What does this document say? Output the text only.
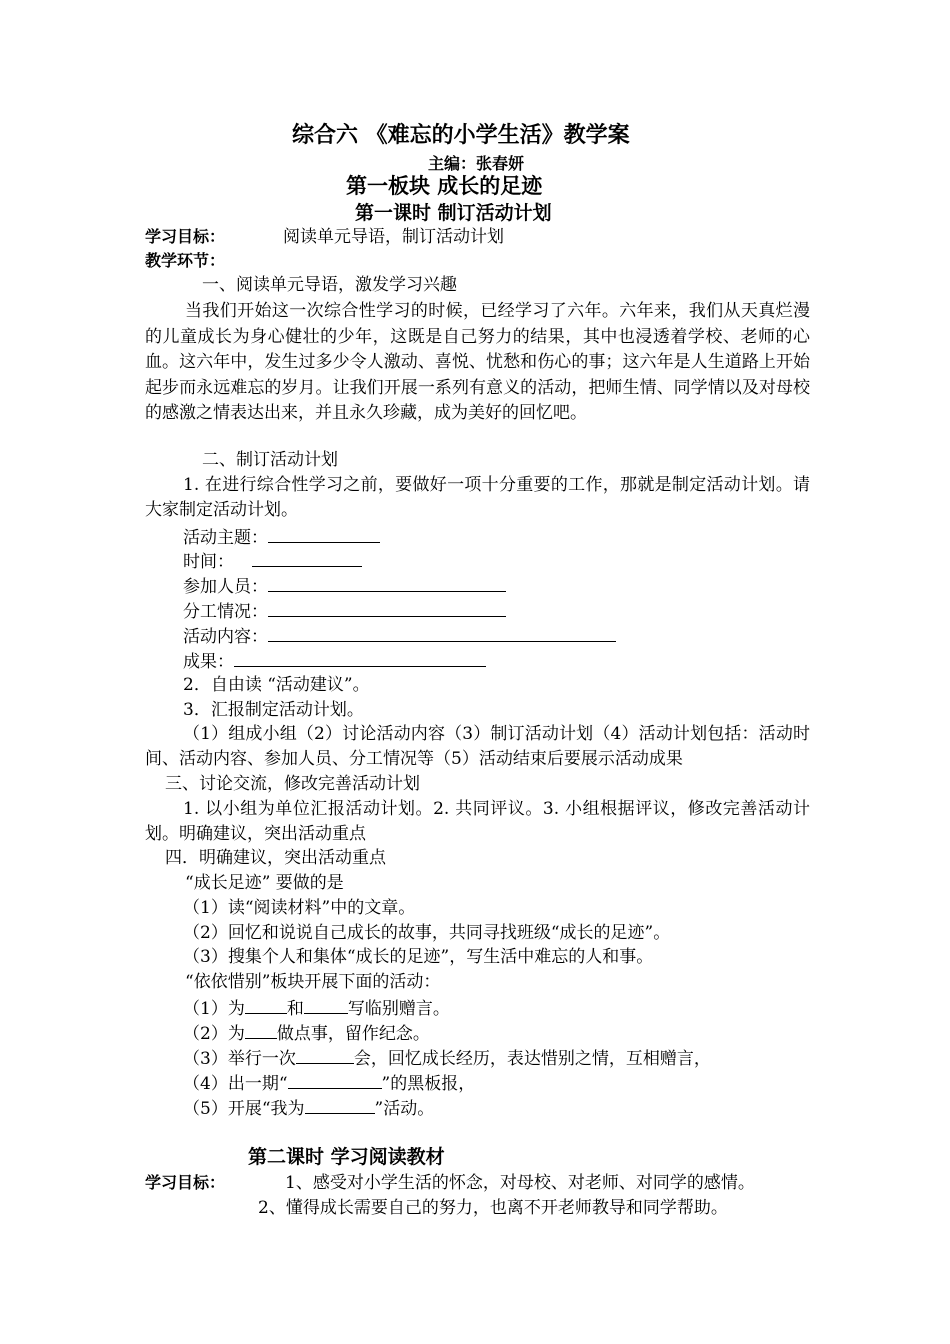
综合六 《难忘的小学生活》教学案
主编：张春妍
第一板块 成长的足迹
第一课时 制订活动计划
学习目标：	阅读单元导语，制订活动计划
教学环节：
一、阅读单元导语，激发学习兴趣
当我们开始这一次综合性学习的时候，已经学习了六年。六年来，我们从天真烂漫的儿童成长为身心健壮的少年，这既是自己努力的结果，其中也浸透着学校、老师的心血。这六年中，发生过多少令人激动、喜悦、忧愁和伤心的事；这六年是人生道路上开始起步而永远难忘的岁月。让我们开展一系列有意义的活动，把师生情、同学情以及对母校的感激之情表达出来，并且永久珍藏，成为美好的回忆吧。
二、制订活动计划
1. 在进行综合性学习之前，要做好一项十分重要的工作，那就是制定活动计划。请大家制定活动计划。
活动主题：
时间：
参加人员：
分工情况：
活动内容：
成果：
2．自由读 “活动建议”。
3．汇报制定活动计划。
（1）组成小组（2）讨论活动内容（3）制订活动计划（4）活动计划包括：活动时间、活动内容、参加人员、分工情况等（5）活动结束后要展示活动成果
三、讨论交流，修改完善活动计划
1. 以小组为单位汇报活动计划。2. 共同评议。3. 小组根据评议，修改完善活动计划。明确建议，突出活动重点
四．明确建议，突出活动重点
“成长足迹” 要做的是
（1）读“阅读材料”中的文章。
（2）回忆和说说自己成长的故事，共同寻找班级“成长的足迹”。
（3）搜集个人和集体“成长的足迹”，写生活中难忘的人和事。
“依依惜别”板块开展下面的活动：
（1）为 和	写临别赠言。
（2）为 做点事，留作纪念。
（3）举行一次	会，回忆成长经历，表达惜别之情，互相赠言，
（4）出一期“	”的黑板报，
（5）开展“我为	”活动。
第二课时 学习阅读教材
学习目标：	1、感受对小学生活的怀念，对母校、对老师、对同学的感情。
2、懂得成长需要自己的努力，也离不开老师教导和同学帮助。
